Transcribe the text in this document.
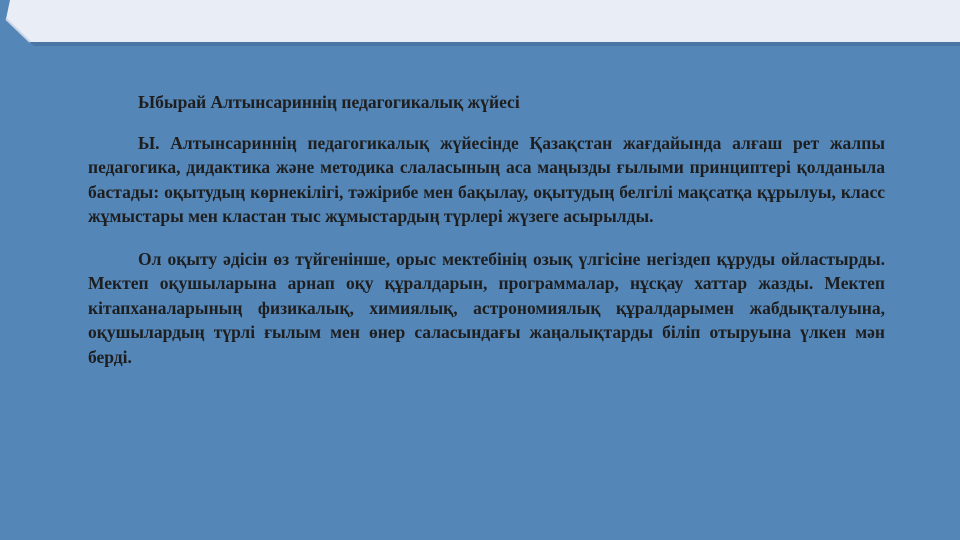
Ыбырай Алтынсариннің педагогикалық жүйесі

Ы. Алтынсариннің педагогикалық жүйесінде Қазақстан жағдайында алғаш рет жалпы педагогика, дидактика және методика слаласының аса маңызды ғылыми принциптері қолданыла бастады: оқытудың көрнекілігі, тәжірибе мен бақылау, оқытудың белгілі мақсатқа құрылуы, класс жұмыстары мен кластан тыс жұмыстардың түрлері жүзеге асырылды.

Ол оқыту әдісін өз түйгенінше, орыс мектебінің озық үлгісіне негіздеп құруды ойластырды. Мектеп оқушыларына арнап оқу құралдарын, программалар, нұсқау хаттар жазды. Мектеп кітапханаларының физикалық, химиялық, астрономиялық құралдарымен жабдықталуына, оқушылардың түрлі ғылым мен өнер саласындағы жаңалықтарды біліп отыруына үлкен мән берді.
